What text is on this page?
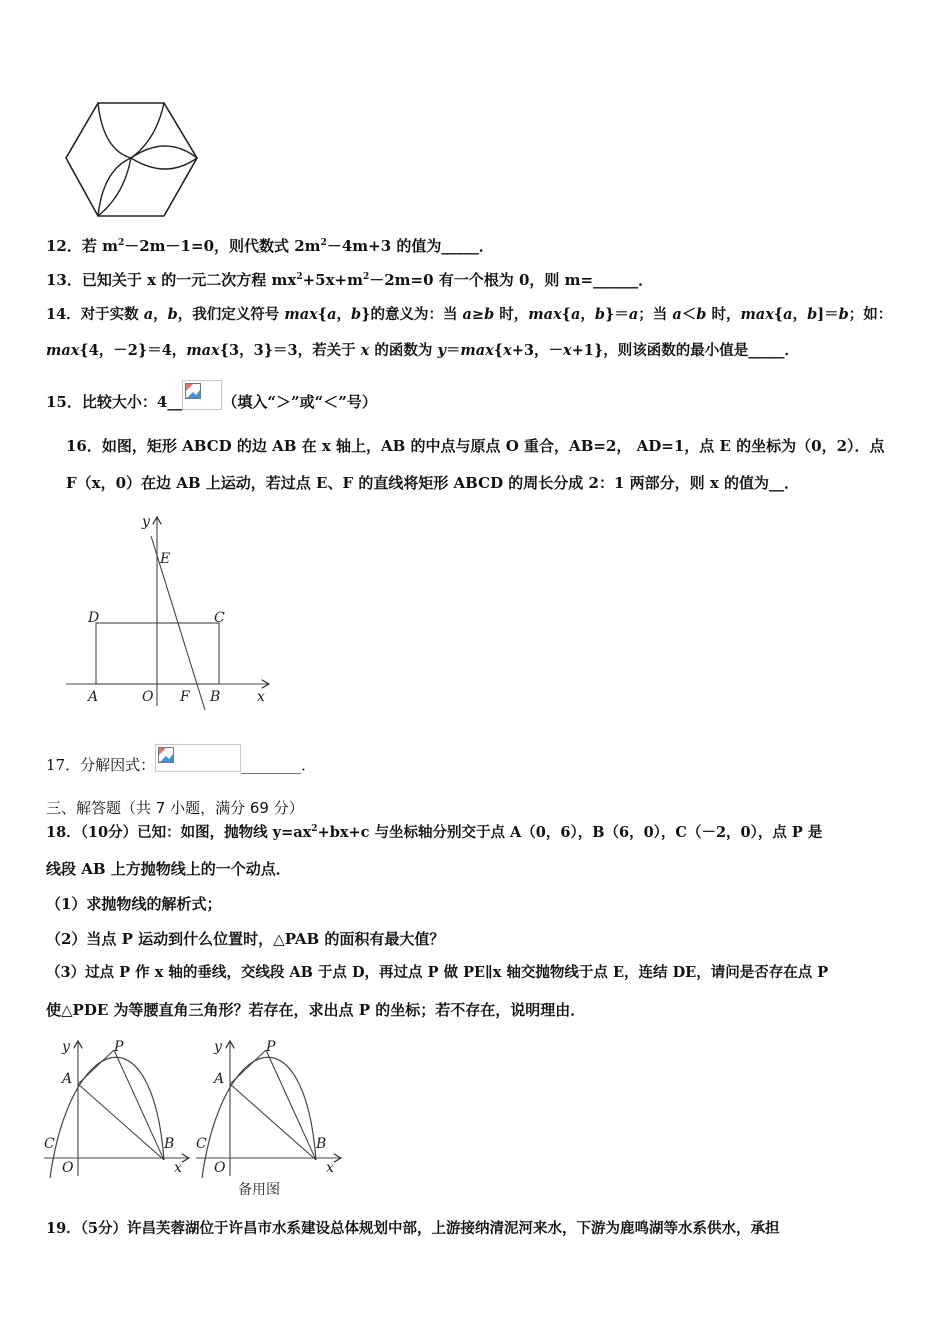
12．若 $m^2-2m-1=0$，则代数式 $2m^2-4m+3$ 的值为_____．
13．已知关于 x 的一元二次方程 $mx^2+5x+m^2-2m=0$ 有一个根为 0，则 m=______．
14．对于实数 a，b，我们定义符号 max{a，b}的意义为：当 a≥b 时，max{a，b}＝a；当 a＜b 时，max{a，b]＝b；如：
max{4，－2}＝4，max{3，3}＝3，若关于 x 的函数为 y＝max{x+3，－x+1}，则该函数的最小值是_____．
15．比较大小：4__	（填入“＞”或“＜”号）
16．如图，矩形 ABCD 的边 AB 在 x 轴上，AB 的中点与原点 O 重合，AB=2， AD=1，点 E 的坐标为（0，2）．点
F（x，0）在边 AB 上运动，若过点 E、F 的直线将矩形 ABCD 的周长分成 2：1 两部分，则 x 的值为__．
y
E
D	C
A	O F B	x
17．分解因式：	________．
三、解答题（共 7 小题，满分 69 分）
18．（10分）已知：如图，抛物线 $y=ax^2+bx+c$ 与坐标轴分别交于点 A（0，6），B（6，0），C（－2，0），点 P 是
线段 AB 上方抛物线上的一个动点．
（1）求抛物线的解析式；
（2）当点 P 运动到什么位置时，△PAB 的面积有最大值？
（3）过点 P 作 x 轴的垂线，交线段 AB 于点 D，再过点 P 做 PE∥x 轴交抛物线于点 E，连结 DE，请问是否存在点 P
使△PDE 为等腰直角三角形？若存在，求出点 P 的坐标；若不存在，说明理由．
y	P
A
C	B
O	x
y	P
A
C	B
O	x
备用图
19．（5分）许昌芙蓉湖位于许昌市水系建设总体规划中部，上游接纳清泥河来水，下游为鹿鸣湖等水系供水，承担
